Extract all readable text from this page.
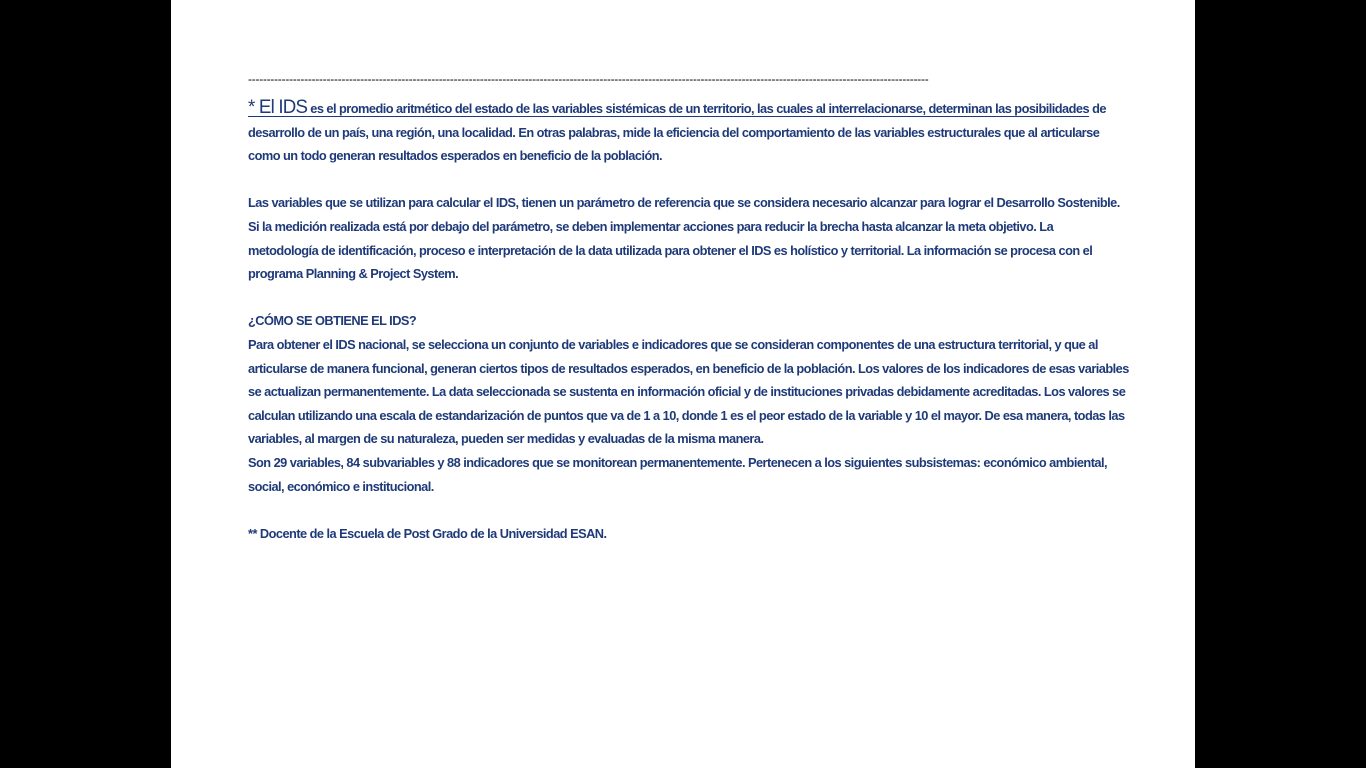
--------------------------------------------------------------------------------------------------------------------------------------------------------------------------------------
* El IDS es el promedio aritmético del estado de las variables sistémicas de un territorio, las cuales al interrelacionarse, determinan las posibilidades de
desarrollo de un país, una región, una localidad. En otras palabras, mide la eficiencia del comportamiento de las variables estructurales que al articularse
como un todo generan resultados esperados en beneficio de la población.
Las variables que se utilizan para calcular el IDS, tienen un parámetro de referencia que se considera necesario alcanzar para lograr el Desarrollo Sostenible.
Si la medición realizada está por debajo del parámetro, se deben implementar acciones para reducir la brecha hasta alcanzar la meta objetivo. La
metodología de identificación, proceso e interpretación de la data utilizada para obtener el IDS es holístico y territorial. La información se procesa con el
programa Planning & Project System.
¿CÓMO SE OBTIENE EL IDS?
Para obtener el IDS nacional, se selecciona un conjunto de variables e indicadores que se consideran componentes de una estructura territorial, y que al
articularse de manera funcional, generan ciertos tipos de resultados esperados, en beneficio de la población. Los valores de los indicadores de esas variables
se actualizan permanentemente. La data seleccionada se sustenta en información oficial y de instituciones privadas debidamente acreditadas. Los valores se
calculan utilizando una escala de estandarización de puntos que va de 1 a 10, donde 1 es el peor estado de la variable y 10 el mayor. De esa manera, todas las
variables, al margen de su naturaleza, pueden ser medidas y evaluadas de la misma manera.
Son 29 variables, 84 subvariables y 88 indicadores que se monitorean permanentemente. Pertenecen a los siguientes subsistemas: económico ambiental,
social, económico e institucional.
** Docente de la Escuela de Post Grado de la Universidad ESAN.
